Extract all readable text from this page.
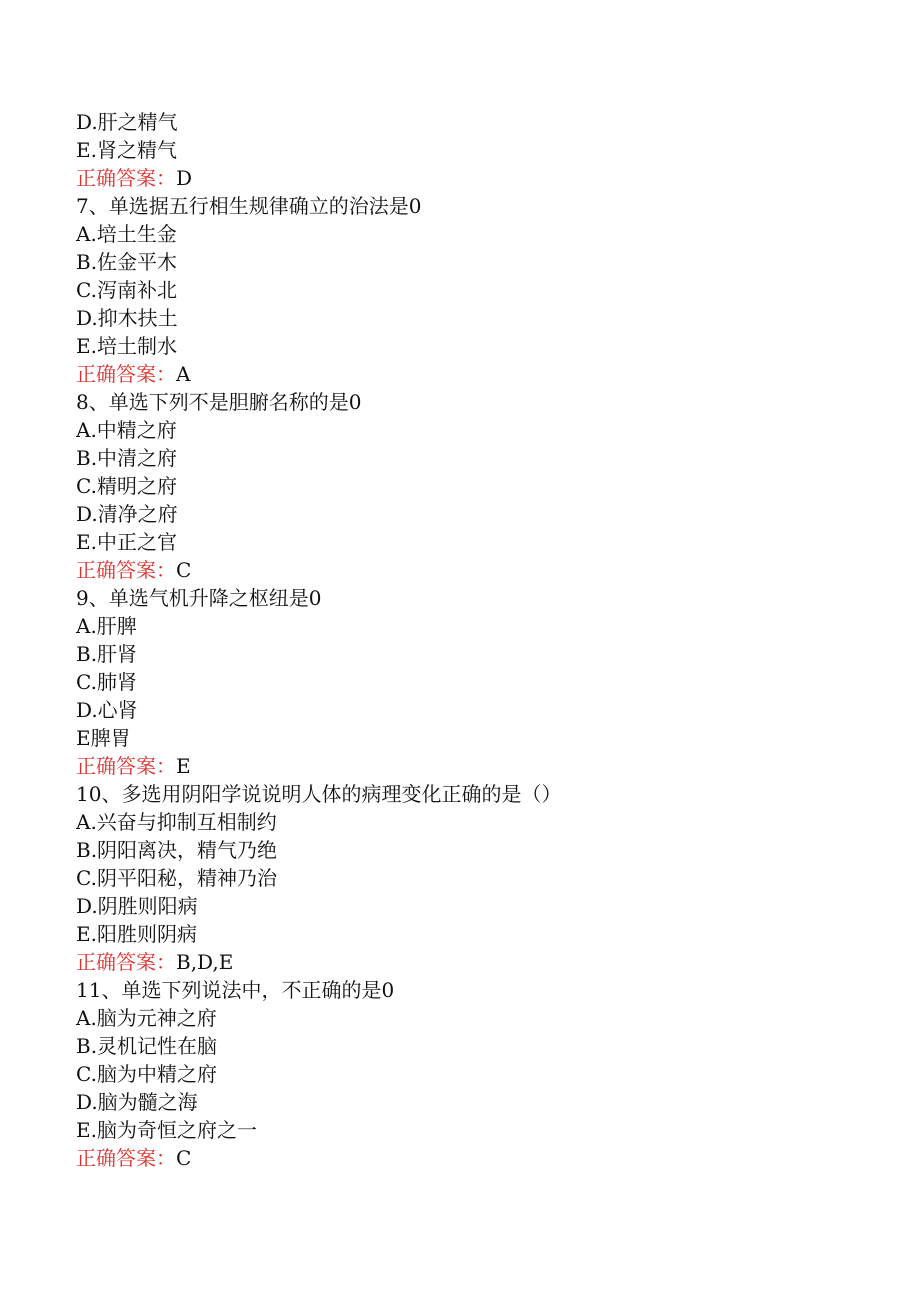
D.肝之精气
E.肾之精气
正确答案：D
7、单选据五行相生规律确立的治法是0
A.培土生金
B.佐金平木
C.泻南补北
D.抑木扶土
E.培土制水
正确答案：A
8、单选下列不是胆腑名称的是0
A.中精之府
B.中清之府
C.精明之府
D.清净之府
E.中正之官
正确答案：C
9、单选气机升降之枢纽是0
A.肝脾
B.肝肾
C.肺肾
D.心肾
E脾胃
正确答案：E
10、多选用阴阳学说说明人体的病理变化正确的是（）
A.兴奋与抑制互相制约
B.阴阳离决，精气乃绝
C.阴平阳秘，精神乃治
D.阴胜则阳病
E.阳胜则阴病
正确答案：B,D,E
11、单选下列说法中，不正确的是0
A.脑为元神之府
B.灵机记性在脑
C.脑为中精之府
D.脑为髓之海
E.脑为奇恒之府之一
正确答案：C
